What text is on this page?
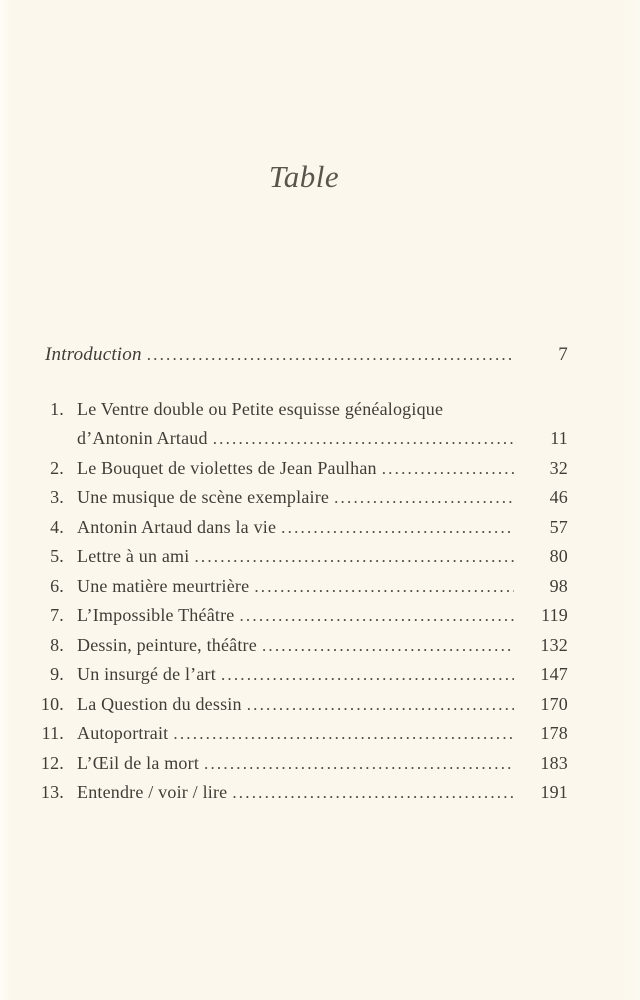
Table
Introduction .....	7
1. Le Ventre double ou Petite esquisse généalogique
d’Antonin Artaud .....	11
2. Le Bouquet de violettes de Jean Paulhan .....	32
3. Une musique de scène exemplaire .....	46
4. Antonin Artaud dans la vie .....	57
5. Lettre à un ami .....	80
6. Une matière meurtrière .....	98
7. L’Impossible Théâtre .....	119
8. Dessin, peinture, théâtre .....	132
9. Un insurgé de l’art .....	147
10. La Question du dessin .....	170
11. Autoportrait .....	178
12. L’Œil de la mort .....	183
13. Entendre / voir / lire .....	191
